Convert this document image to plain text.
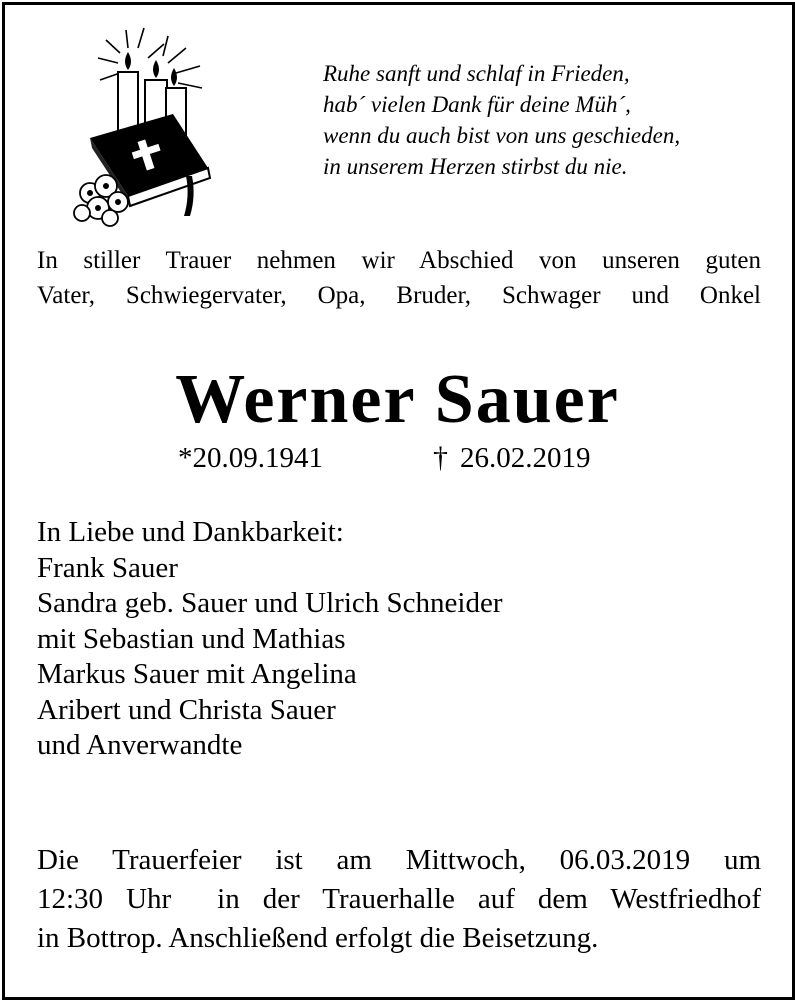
Ruhe sanft und schlaf in Frieden,
hab´ vielen Dank für deine Müh´,
wenn du auch bist von uns geschieden,
in unserem Herzen stirbst du nie.
In stiller Trauer nehmen wir Abschied von unseren guten
Vater, Schwiegervater, Opa, Bruder, Schwager und Onkel
Werner Sauer
*20.09.1941	† 26.02.2019
In Liebe und Dankbarkeit:
Frank Sauer
Sandra geb. Sauer und Ulrich Schneider
mit Sebastian und Mathias
Markus Sauer mit Angelina
Aribert und Christa Sauer
und Anverwandte
Die Trauerfeier ist am Mittwoch, 06.03.2019 um
12:30 Uhr  in der Trauerhalle auf dem Westfriedhof
in Bottrop. Anschließend erfolgt die Beisetzung.
